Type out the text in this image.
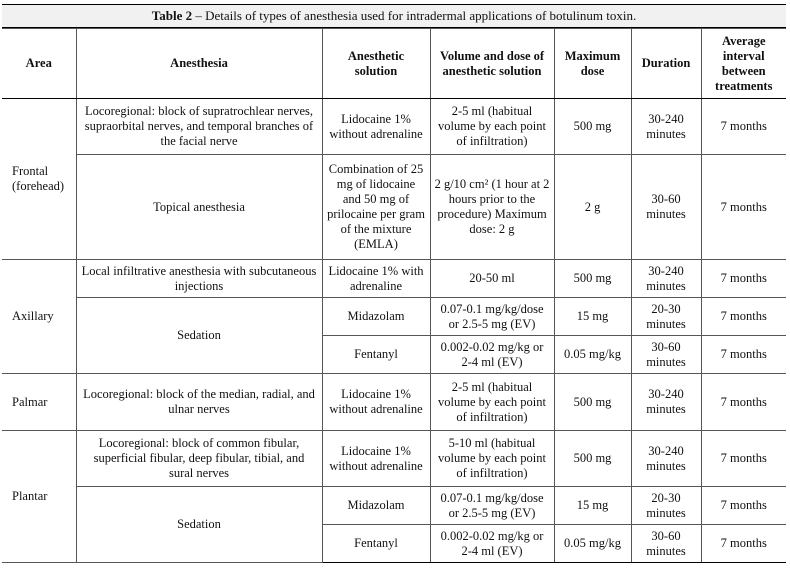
Table 2 – Details of types of anesthesia used for intradermal applications of botulinum toxin.
Area	Anesthesia	Anesthetic solution	Volume and dose of anesthetic solution	Maximum dose	Duration	Average interval between treatments
Frontal (forehead)	Locoregional: block of supratrochlear nerves, supraorbital nerves, and temporal branches of the facial nerve	Lidocaine 1% without adrenaline	2-5 ml (habitual volume by each point of infiltration)	500 mg	30-240 minutes	7 months
	Topical anesthesia	Combination of 25 mg of lidocaine and 50 mg of prilocaine per gram of the mixture (EMLA)	2 g/10 cm² (1 hour at 2 hours prior to the procedure) Maximum dose: 2 g	2 g	30-60 minutes	7 months
Axillary	Local infiltrative anesthesia with subcutaneous injections	Lidocaine 1% with adrenaline	20-50 ml	500 mg	30-240 minutes	7 months
	Sedation	Midazolam	0.07-0.1 mg/kg/dose or 2.5-5 mg (EV)	15 mg	20-30 minutes	7 months
		Fentanyl	0.002-0.02 mg/kg or 2-4 ml (EV)	0.05 mg/kg	30-60 minutes	7 months
Palmar	Locoregional: block of the median, radial, and ulnar nerves	Lidocaine 1% without adrenaline	2-5 ml (habitual volume by each point of infiltration)	500 mg	30-240 minutes	7 months
Plantar	Locoregional: block of common fibular, superficial fibular, deep fibular, tibial, and sural nerves	Lidocaine 1% without adrenaline	5-10 ml (habitual volume by each point of infiltration)	500 mg	30-240 minutes	7 months
	Sedation	Midazolam	0.07-0.1 mg/kg/dose or 2.5-5 mg (EV)	15 mg	20-30 minutes	7 months
		Fentanyl	0.002-0.02 mg/kg or 2-4 ml (EV)	0.05 mg/kg	30-60 minutes	7 months
